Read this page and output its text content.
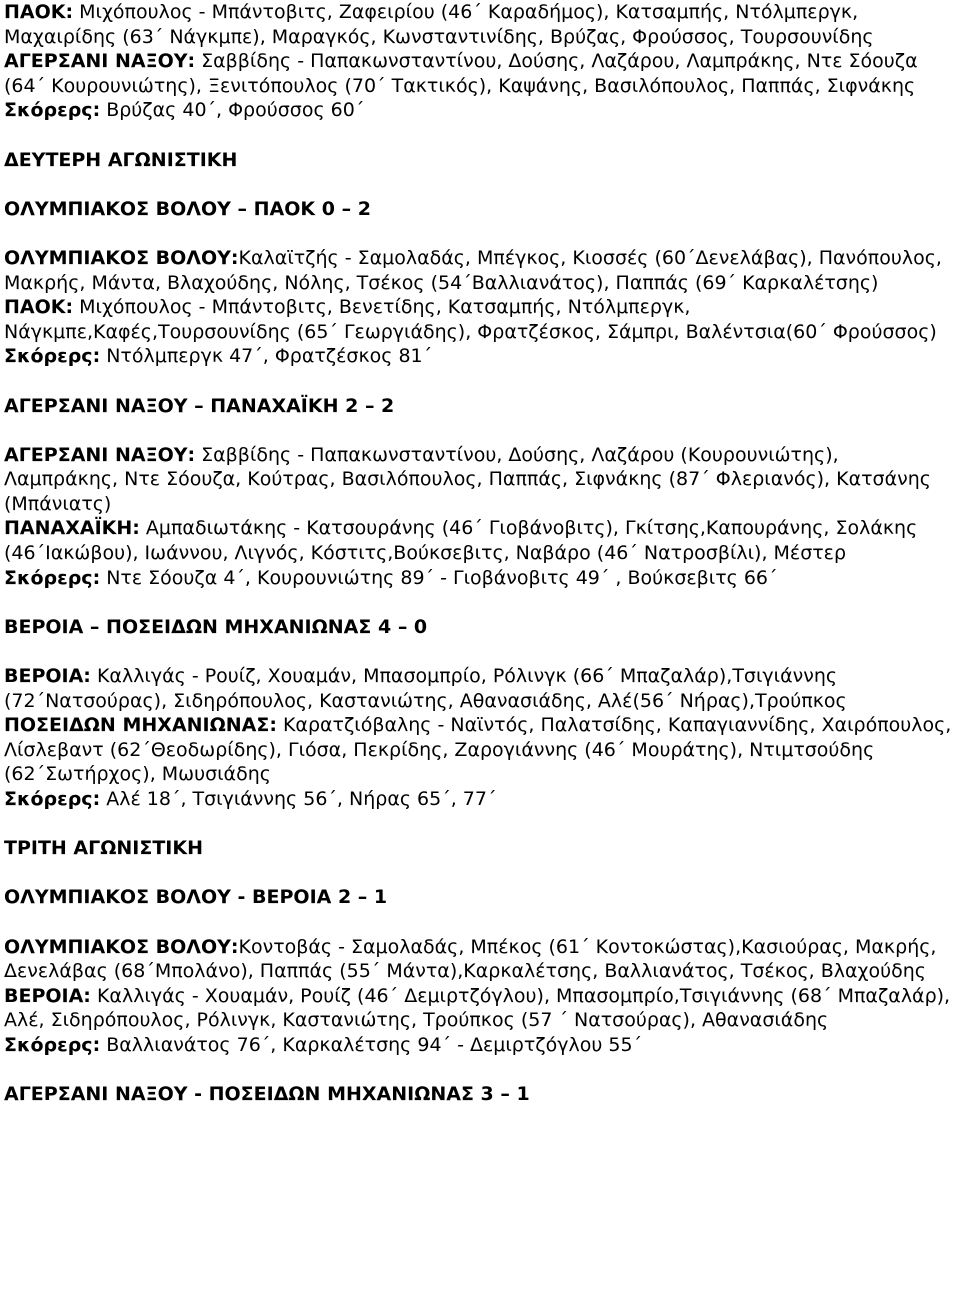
ΠΑΟΚ: Μιχόπουλος - Μπάντοβιτς, Ζαφειρίου (46΄ Καραδήμος), Κατσαμπής, Ντόλμπεργκ, Μαχαιρίδης (63΄ Νάγκμπε), Μαραγκός, Κωνσταντινίδης, Βρύζας, Φρούσσος, Τουρσουνίδης

ΑΓΕΡΣΑΝΙ ΝΑΞΟΥ: Σαββίδης - Παπακωνσταντίνου, Δούσης, Λαζάρου, Λαμπράκης, Ντε Σόουζα (64΄ Κουρουνιώτης), Ξενιτόπουλος (70΄ Τακτικός), Καψάνης, Βασιλόπουλος, Παππάς, Σιφνάκης

Σκόρερς: Βρύζας 40΄, Φρούσσος 60΄

ΔΕΥΤΕΡΗ ΑΓΩΝΙΣΤΙΚΗ

ΟΛΥΜΠΙΑΚΟΣ ΒΟΛΟΥ – ΠΑΟΚ 0 – 2

ΟΛΥΜΠΙΑΚΟΣ ΒΟΛΟΥ:Καλαϊτζής - Σαμολαδάς, Μπέγκος, Κιοσσές (60΄Δενελάβας), Πανόπουλος, Μακρής, Μάντα, Βλαχούδης, Νόλης, Τσέκος (54΄Βαλλιανάτος), Παππάς (69΄ Καρκαλέτσης)

ΠΑΟΚ: Μιχόπουλος - Μπάντοβιτς, Βενετίδης, Κατσαμπής, Ντόλμπεργκ, Νάγκμπε,Καφές,Τουρσουνίδης (65΄ Γεωργιάδης), Φρατζέσκος, Σάμπρι, Βαλέντσια(60΄ Φρούσσος)

Σκόρερς: Ντόλμπεργκ 47΄, Φρατζέσκος 81΄

ΑΓΕΡΣΑΝΙ ΝΑΞΟΥ – ΠΑΝΑΧΑΪΚΗ 2 – 2

ΑΓΕΡΣΑΝΙ ΝΑΞΟΥ: Σαββίδης - Παπακωνσταντίνου, Δούσης, Λαζάρου (Κουρουνιώτης), Λαμπράκης, Ντε Σόουζα, Κούτρας, Βασιλόπουλος, Παππάς, Σιφνάκης (87΄ Φλεριανός), Κατσάνης (Μπάνιατς)

ΠΑΝΑΧΑΪΚΗ: Αμπαδιωτάκης - Κατσουράνης (46΄ Γιοβάνοβιτς), Γκίτσης,Καπουράνης, Σολάκης (46΄Ιακώβου), Ιωάννου, Λιγνός, Κόστιτς,Βούκσεβιτς, Ναβάρο (46΄ Νατροσβίλι), Μέστερ

Σκόρερς: Ντε Σόουζα 4΄, Κουρουνιώτης 89΄ - Γιοβάνοβιτς 49΄ , Βούκσεβιτς 66΄

ΒΕΡΟΙΑ – ΠΟΣΕΙΔΩΝ ΜΗΧΑΝΙΩΝΑΣ 4 – 0

ΒΕΡΟΙΑ: Καλλιγάς - Ρουίζ, Χουαμάν, Μπασομπρίο, Ρόλινγκ (66΄ Μπαζαλάρ),Τσιγιάννης (72΄Νατσούρας), Σιδηρόπουλος, Καστανιώτης, Αθανασιάδης, Αλέ(56΄ Νήρας),Τρούπκος

ΠΟΣΕΙΔΩΝ ΜΗΧΑΝΙΩΝΑΣ: Καρατζιόβαλης - Ναϊντός, Παλατσίδης, Καπαγιαννίδης, Χαιρόπουλος, Λίσλεβαντ (62΄Θεοδωρίδης), Γιόσα, Πεκρίδης, Ζαρογιάννης (46΄ Μουράτης), Ντιμτσούδης (62΄Σωτήρχος), Μωυσιάδης

Σκόρερς: Αλέ 18΄, Τσιγιάννης 56΄, Νήρας 65΄, 77΄

ΤΡΙΤΗ ΑΓΩΝΙΣΤΙΚΗ

ΟΛΥΜΠΙΑΚΟΣ ΒΟΛΟΥ - ΒΕΡΟΙΑ 2 – 1

ΟΛΥΜΠΙΑΚΟΣ ΒΟΛΟΥ:Κοντοβάς - Σαμολαδάς, Μπέκος (61΄ Κοντοκώστας),Κασιούρας, Μακρής, Δενελάβας (68΄Μπολάνο), Παππάς (55΄ Μάντα),Καρκαλέτσης, Βαλλιανάτος, Τσέκος, Βλαχούδης

ΒΕΡΟΙΑ: Καλλιγάς - Χουαμάν, Ρουίζ (46΄ Δεμιρτζόγλου), Μπασομπρίο,Τσιγιάννης (68΄ Μπαζαλάρ), Αλέ, Σιδηρόπουλος, Ρόλινγκ, Καστανιώτης, Τρούπκος (57 ΄ Νατσούρας), Αθανασιάδης

Σκόρερς: Βαλλιανάτος 76΄, Καρκαλέτσης 94΄ - Δεμιρτζόγλου 55΄

ΑΓΕΡΣΑΝΙ ΝΑΞΟΥ - ΠΟΣΕΙΔΩΝ ΜΗΧΑΝΙΩΝΑΣ 3 – 1
